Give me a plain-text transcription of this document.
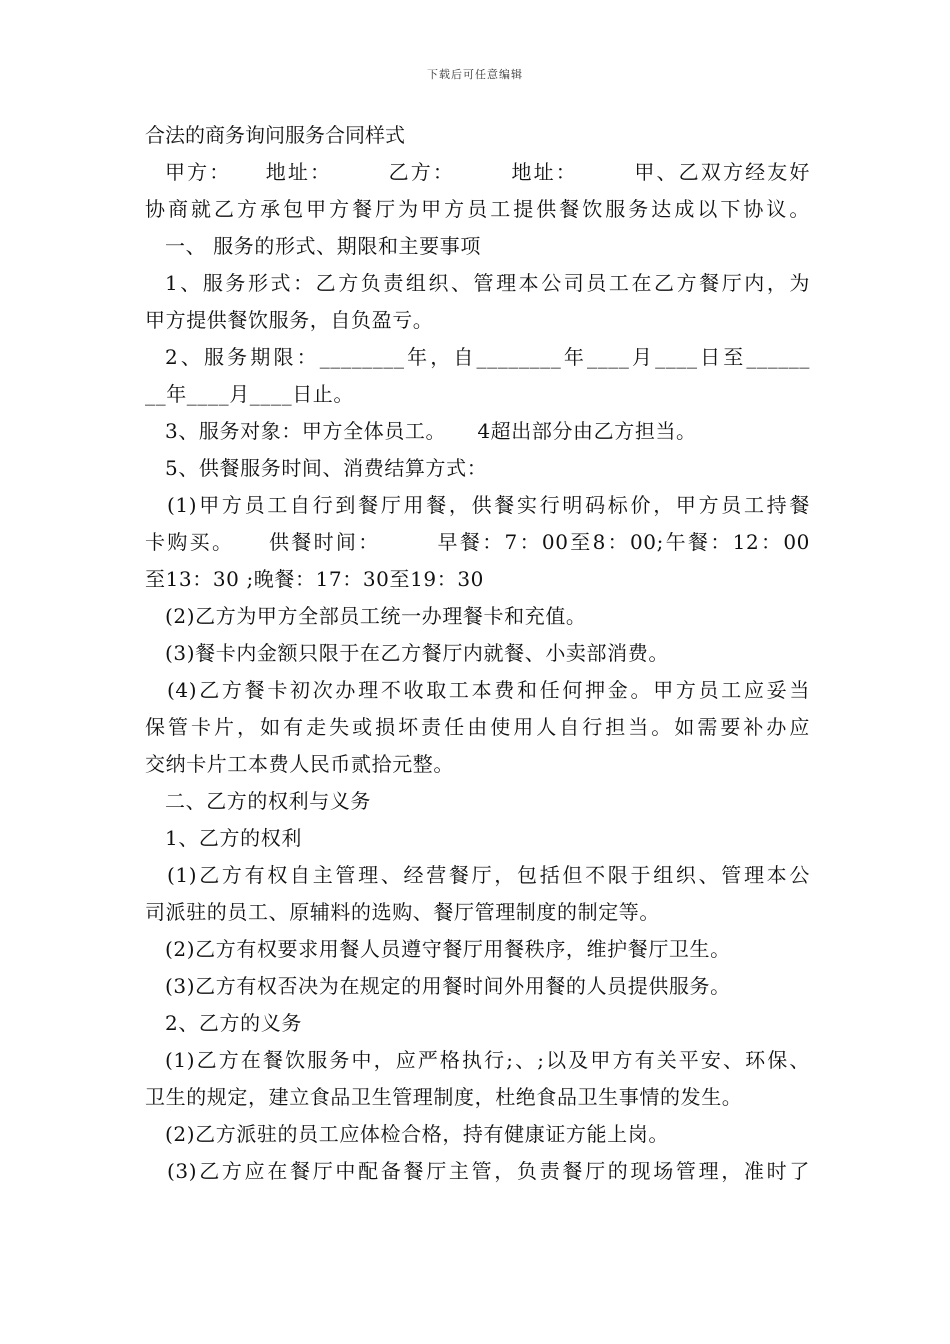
下载后可任意编辑
合法的商务询问服务合同样式
甲方：　　地址：　　　乙方：　　　地址：　　　甲、乙双方经友好
协商就乙方承包甲方餐厅为甲方员工提供餐饮服务达成以下协议。
一、 服务的形式、期限和主要事项
1、服务形式：乙方负责组织、管理本公司员工在乙方餐厅内，为
甲方提供餐饮服务，自负盈亏。
2、服务期限：________年，自________年____月____日至______
__年____月____日止。
3、服务对象：甲方全体员工。　　4超出部分由乙方担当。
5、供餐服务时间、消费结算方式：
(1)甲方员工自行到餐厅用餐，供餐实行明码标价，甲方员工持餐
卡购买。　　供餐时间：　　　早餐：7：00至8：00;午餐：12：00
至13：30 ;晚餐：17：30至19：30
(2)乙方为甲方全部员工统一办理餐卡和充值。
(3)餐卡内金额只限于在乙方餐厅内就餐、小卖部消费。
(4)乙方餐卡初次办理不收取工本费和任何押金。甲方员工应妥当
保管卡片，如有走失或损坏责任由使用人自行担当。如需要补办应
交纳卡片工本费人民币贰拾元整。
二、乙方的权利与义务
1、乙方的权利
(1)乙方有权自主管理、经营餐厅，包括但不限于组织、管理本公
司派驻的员工、原辅料的选购、餐厅管理制度的制定等。
(2)乙方有权要求用餐人员遵守餐厅用餐秩序，维护餐厅卫生。
(3)乙方有权否决为在规定的用餐时间外用餐的人员提供服务。
2、乙方的义务
(1)乙方在餐饮服务中，应严格执行;、;以及甲方有关平安、环保、
卫生的规定，建立食品卫生管理制度，杜绝食品卫生事情的发生。
(2)乙方派驻的员工应体检合格，持有健康证方能上岗。
(3)乙方应在餐厅中配备餐厅主管，负责餐厅的现场管理，准时了
